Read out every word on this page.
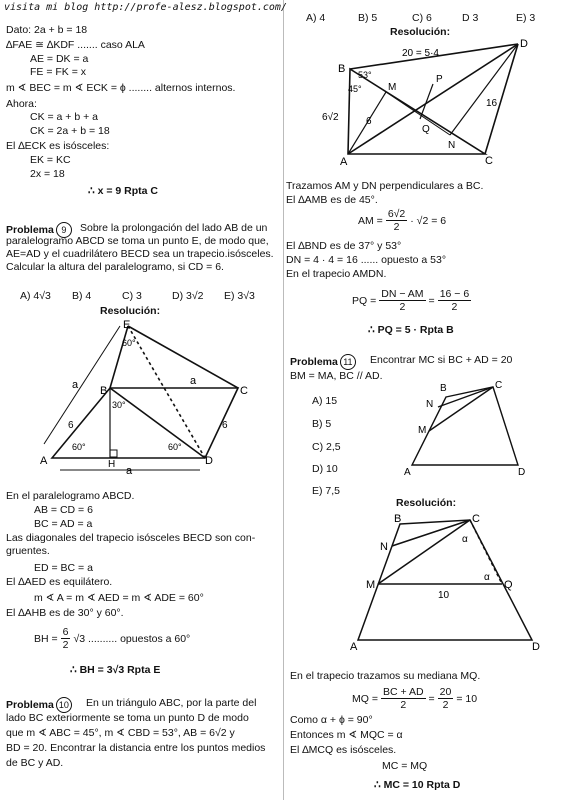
visita mi blog http://profe-alesz.blogspot.com/
Dato: 2a + b = 18
∆FAE ≅ ∆KDF ....... caso ALA
AE = DK = a
FE = FK = x
m ∢ BEC = m ∢ ECK = ϕ ........ alternos internos.
Ahora:
CK = a + b + a
CK = 2a + b = 18
El ∆ECK es isósceles:
EK = KC
2x = 18
∴ x = 9 Rpta C
Problema 9	Sobre la prolongación del lado AB de un
paralelogramo ABCD se toma un punto E, de modo que,
AE=AD y el cuadrilátero BECD sea un trapecio.isósceles.
Calcular la altura del paralelogramo, si CD = 6.
A) 4√3 B) 4	C) 3	D) 3√2 E) 3√3
Resolución:
E
B	C
A	H	D
a	a
a
6	6
60°
30°
60°	60°
En el paralelogramo ABCD.
AB = CD = 6
BC = AD = a
Las diagonales del trapecio isósceles BECD son con-
gruentes.
ED = BC = a
El ∆AED es equilátero.
m ∢ A = m ∢ AED = m ∢ ADE = 60°
El ∆AHB es de 30° y 60°.
BH = $\frac{6}{2} √3$ .......... opuestos a 60°
∴ BH = 3√3 Rpta E
Problema 10 En un triángulo ABC, por la parte del
lado BC exteriormente se toma un punto D de modo
que m ∢ ABC = 45°, m ∢ CBD = 53°, AB = 6√2 y
BD = 20. Encontrar la distancia entre los puntos medios
de BC y AD.
A) 4	B) 5	C) 6	D 3	E) 3
Resolución:
B
D
A	C
M
P
Q
N
20 = 5·4
53°
45°
6√2	6
16
Trazamos AM y DN perpendiculares a BC.
El ∆AMB es de 45°.
AM = $\frac{6√2}{2} \cdot √2 = 6$
El ∆BND es de 37° y 53°
DN = 4 · 4 = 16 ...... opuesto a 53°
En el trapecio AMDN.
PQ = $\frac{DN - AM}{2} = \frac{16 - 6}{2}$
∴ PQ = 5 · Rpta B
Problema 11	Encontrar MC si BC + AD = 20
BM = MA, BC // AD.
A) 15
B) 5
C) 2,5
D) 10
E) 7,5
B	C
N
M
A	D
Resolución:
B	C
N
M	Q
A	D
10
α
α
En el trapecio trazamos su mediana MQ.
MQ = $\frac{BC + AD}{2} = \frac{20}{2} = 10$
Como α + ϕ = 90°
Entonces m ∢ MQC = α
El ∆MCQ es isósceles.
MC = MQ
∴ MC = 10 Rpta D
